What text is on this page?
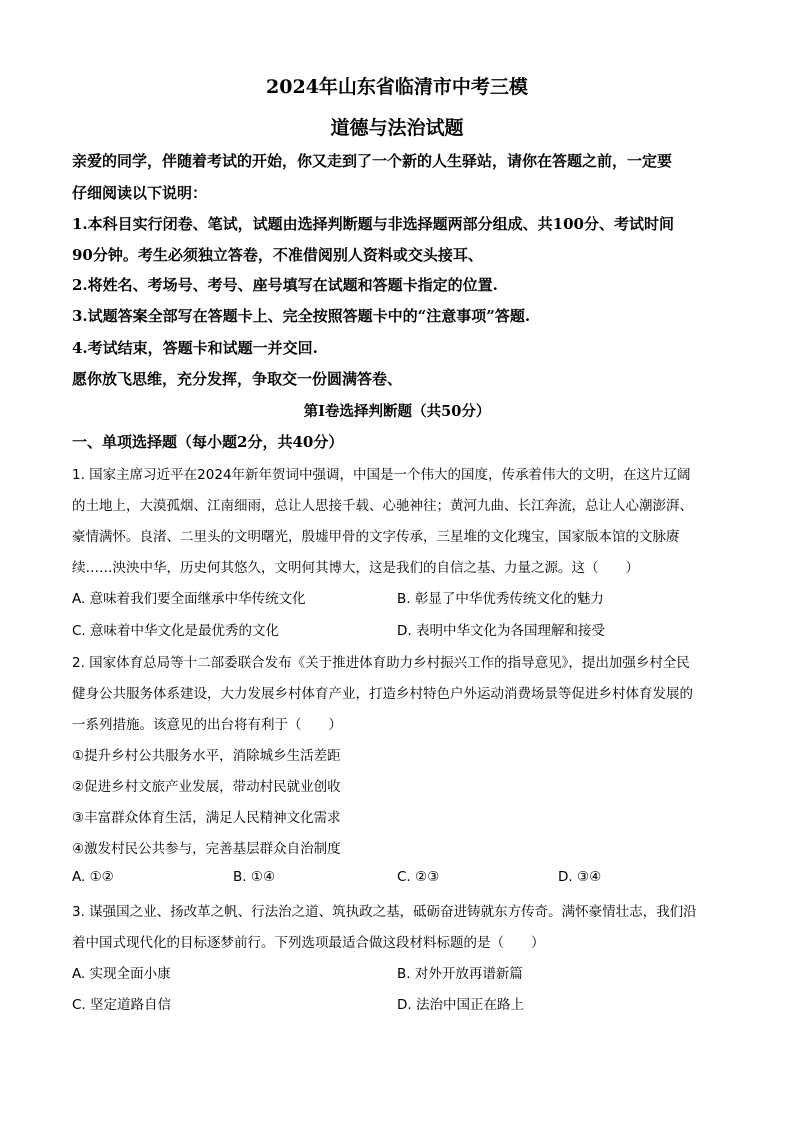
2024年山东省临清市中考三模
道德与法治试题
亲爱的同学，伴随着考试的开始，你又走到了一个新的人生驿站，请你在答题之前，一定要
仔细阅读以下说明：
1.本科目实行闭卷、笔试，试题由选择判断题与非选择题两部分组成、共100分、考试时间
90分钟。考生必须独立答卷，不准借阅别人资料或交头接耳、
2.将姓名、考场号、考号、座号填写在试题和答题卡指定的位置.
3.试题答案全部写在答题卡上、完全按照答题卡中的“注意事项”答题.
4.考试结束，答题卡和试题一并交回.
愿你放飞思维，充分发挥，争取交一份圆满答卷、
第Ⅰ卷选择判断题（共50分）
一、单项选择题（每小题2分，共40分）
1. 国家主席习近平在2024年新年贺词中强调，中国是一个伟大的国度，传承着伟大的文明，在这片辽阔
的土地上，大漠孤烟、江南细雨，总让人思接千载、心驰神往；黄河九曲、长江奔流，总让人心潮澎湃、
豪情满怀。良渚、二里头的文明曙光，殷墟甲骨的文字传承，三星堆的文化瑰宝，国家版本馆的文脉赓
续……泱泱中华，历史何其悠久，文明何其博大，这是我们的自信之基、力量之源。这（　　）
A. 意味着我们要全面继承中华传统文化	B. 彰显了中华优秀传统文化的魅力
C. 意味着中华文化是最优秀的文化	D. 表明中华文化为各国理解和接受
2. 国家体育总局等十二部委联合发布《关于推进体育助力乡村振兴工作的指导意见》，提出加强乡村全民
健身公共服务体系建设，大力发展乡村体育产业，打造乡村特色户外运动消费场景等促进乡村体育发展的
一系列措施。该意见的出台将有利于（　　）
①提升乡村公共服务水平，消除城乡生活差距
②促进乡村文旅产业发展，带动村民就业创收
③丰富群众体育生活，满足人民精神文化需求
④激发村民公共参与，完善基层群众自治制度
A. ①②	B. ①④	C. ②③	D. ③④
3. 谋强国之业、扬改革之帆、行法治之道、筑执政之基，砥砺奋进铸就东方传奇。满怀豪情壮志，我们沿
着中国式现代化的目标逐梦前行。下列选项最适合做这段材料标题的是（　　）
A. 实现全面小康	B. 对外开放再谱新篇
C. 坚定道路自信	D. 法治中国正在路上
